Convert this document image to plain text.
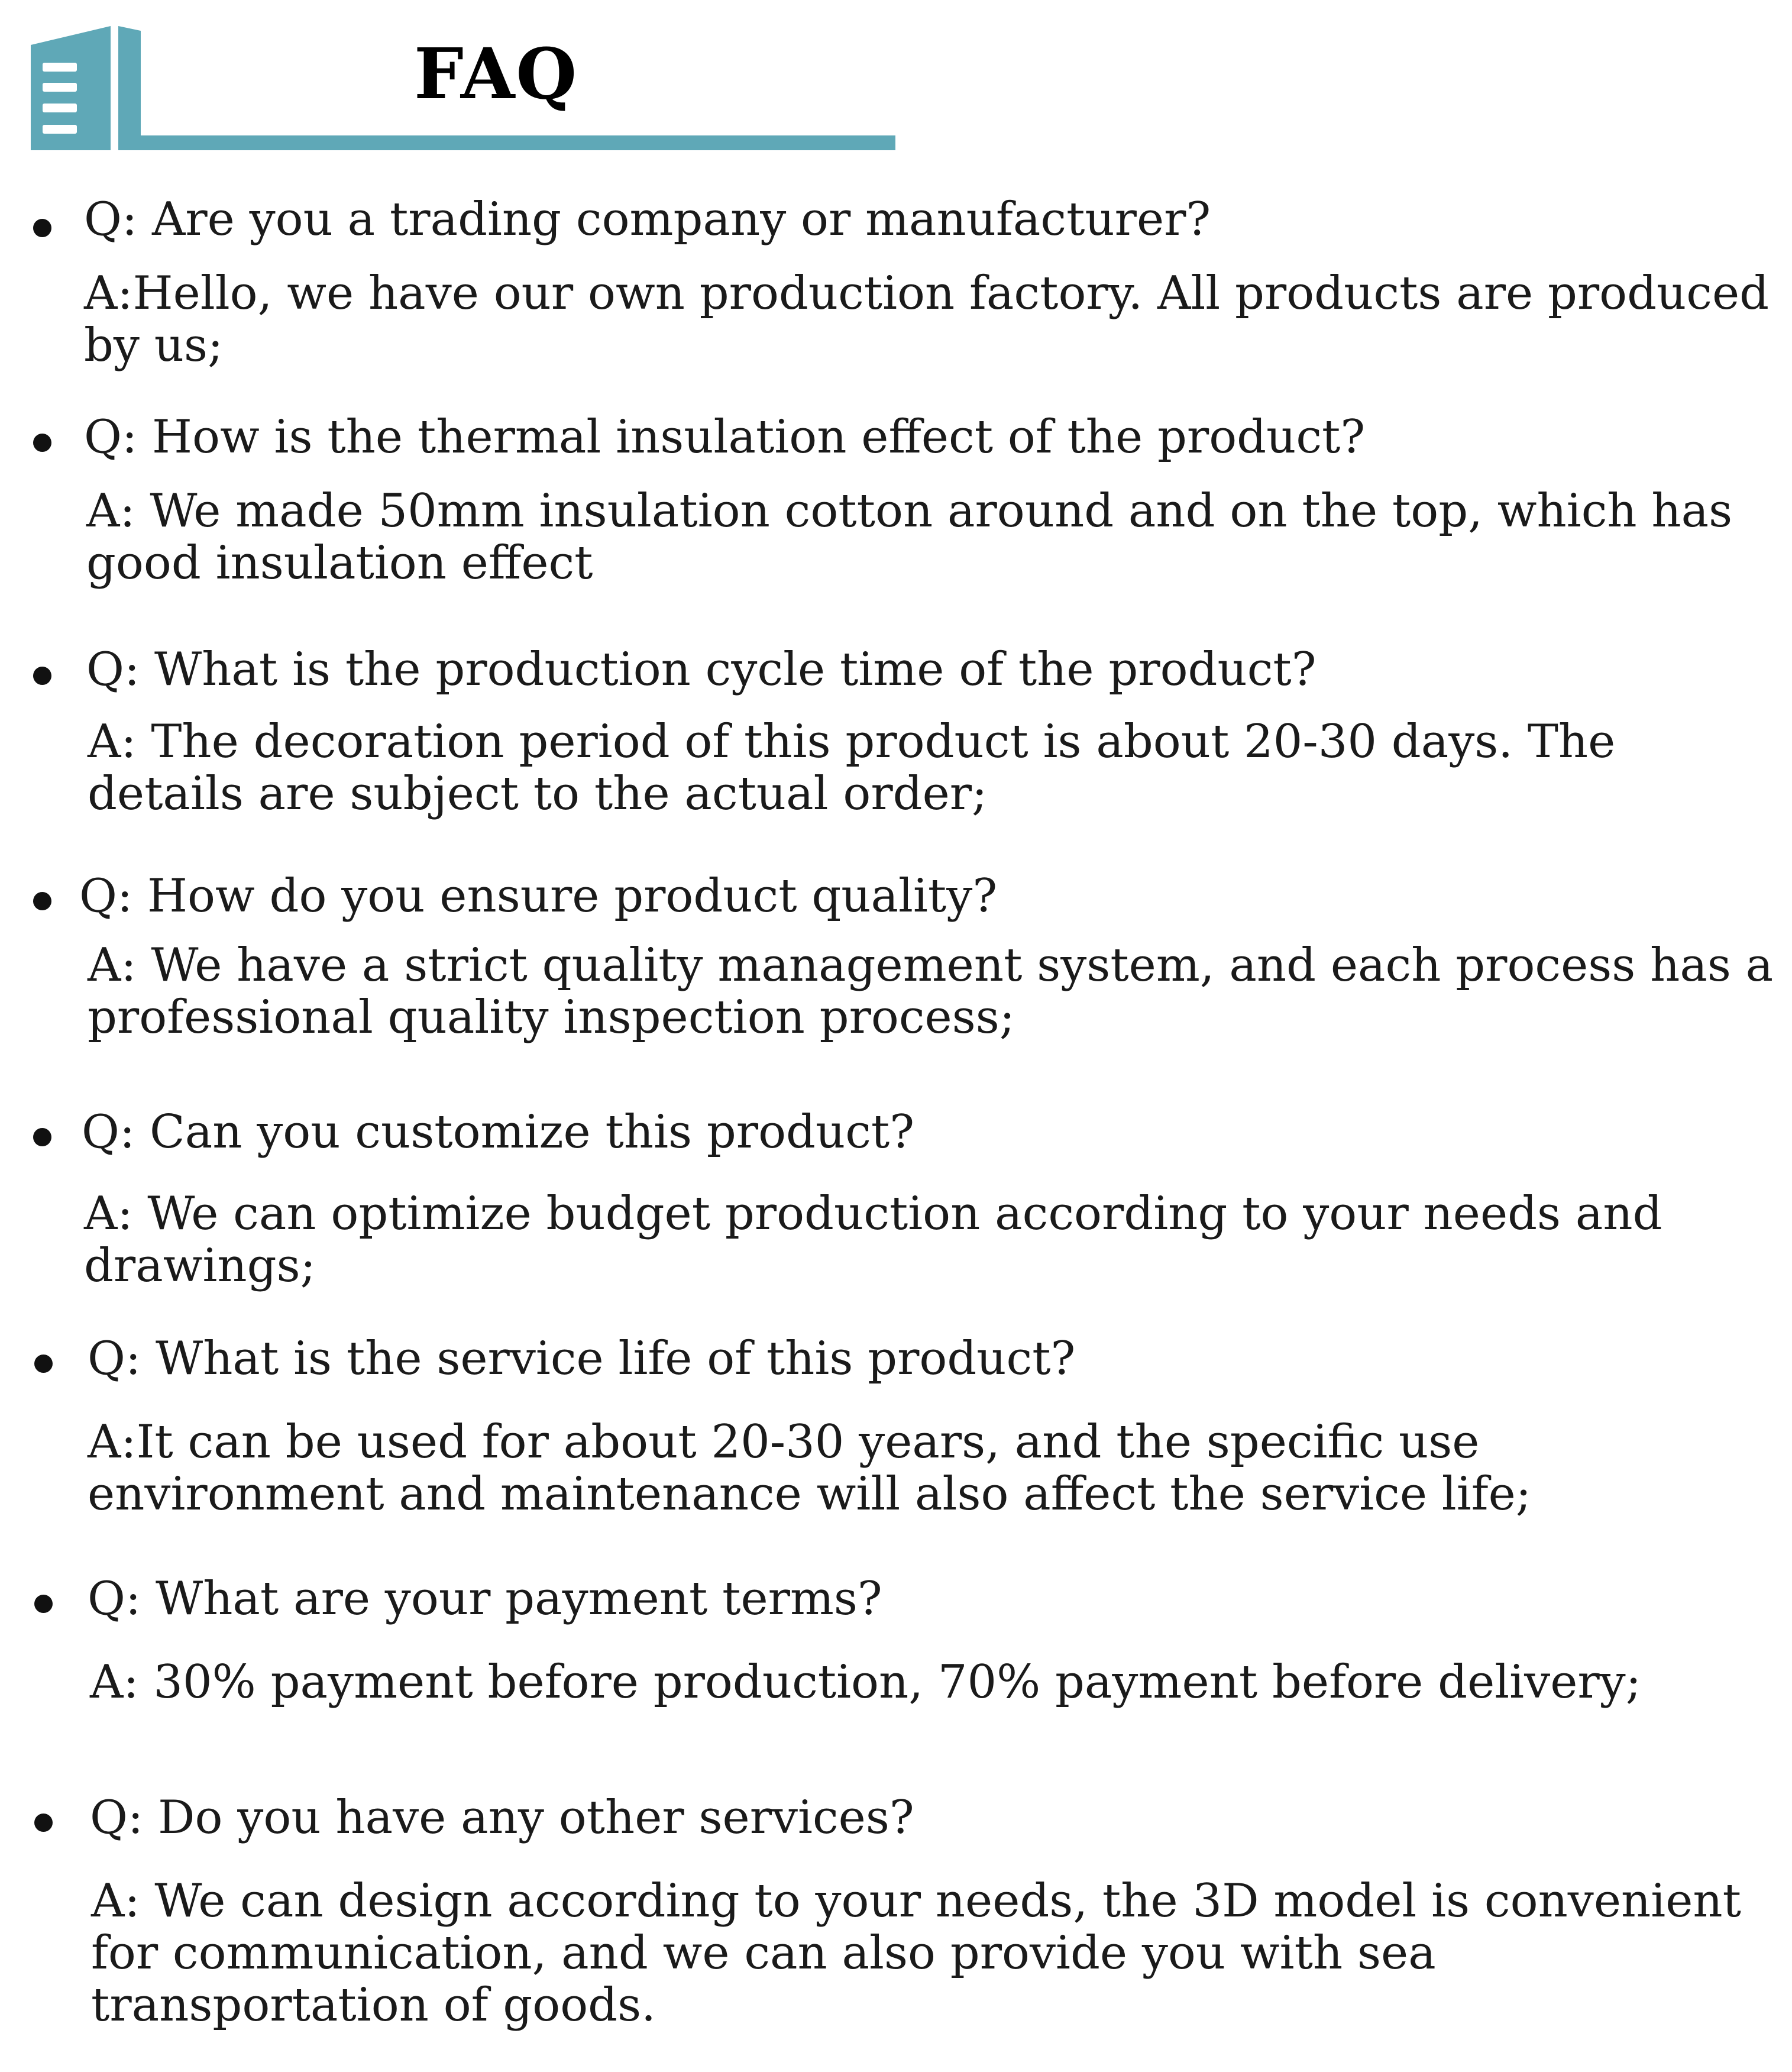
FAQ
Q: Are you a trading company or manufacturer?
A:Hello, we have our own production factory. All products are produced by us;
Q: How is the thermal insulation effect of the product?
A: We made 50mm insulation cotton around and on the top, which has good insulation effect
Q: What is the production cycle time of the product?
A: The decoration period of this product is about 20-30 days. The details are subject to the actual order;
Q: How do you ensure product quality?
A: We have a strict quality management system, and each process has a professional quality inspection process;
Q: Can you customize this product?
A: We can optimize budget production according to your needs and drawings;
Q: What is the service life of this product?
A:It can be used for about 20-30 years, and the specific use environment and maintenance will also affect the service life;
Q: What are your payment terms?
A: 30% payment before production, 70% payment before delivery;
Q: Do you have any other services?
A: We can design according to your needs, the 3D model is convenient for communication, and we can also provide you with sea transportation of goods.
